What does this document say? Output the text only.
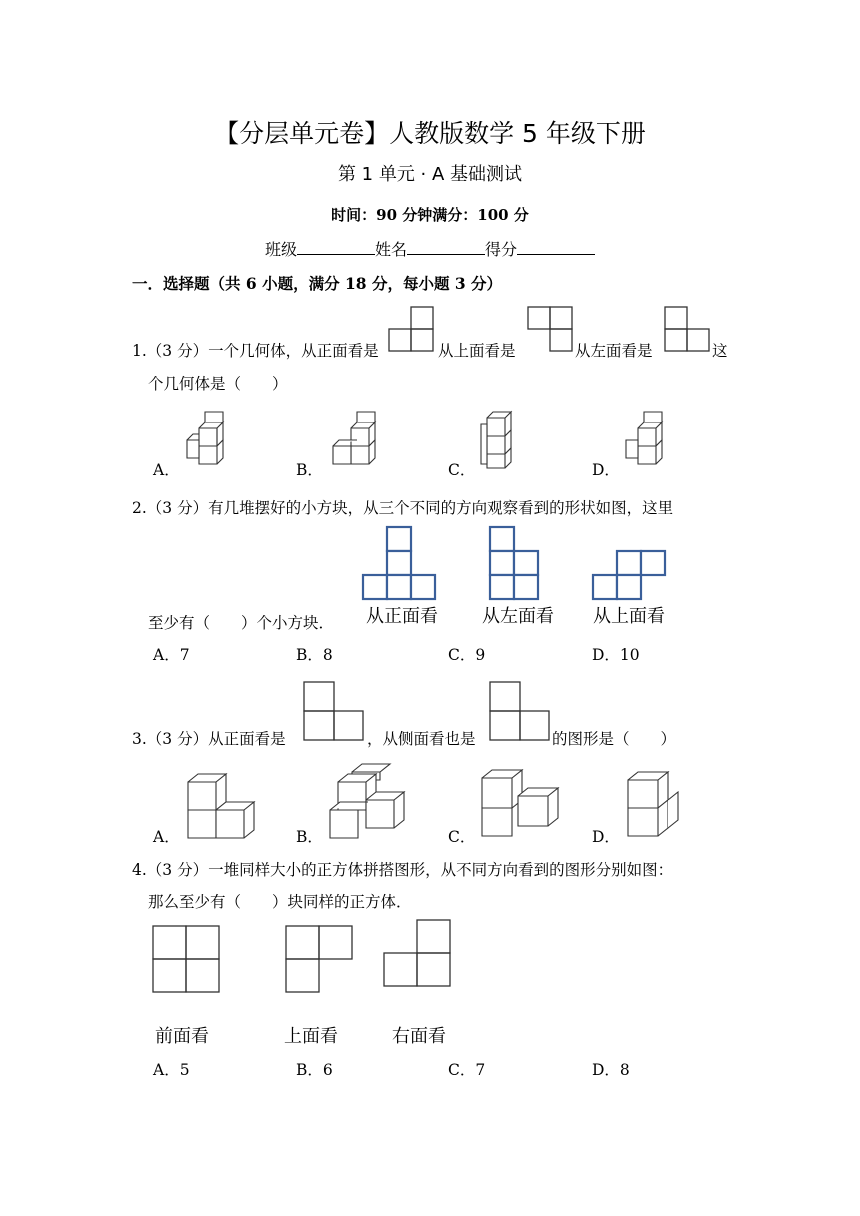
【分层单元卷】人教版数学 5 年级下册
第 1 单元 · A 基础测试
时间：90 分钟满分：100 分
班级	姓名	得分
一．选择题（共 6 小题，满分 18 分，每小题 3 分）
1.（3 分）一个几何体，从正面看是	从上面看是	从左面看是	这
个几何体是（　　）
A．	B．	C．	D．
2.（3 分）有几堆摆好的小方块，从三个不同的方向观察看到的形状如图，这里
从正面看 从左面看 从上面看
至少有（　　）个小方块．
A．7	B．8	C．9	D．10
3.（3 分）从正面看是	，从侧面看也是	的图形是（　　）
A．	B．	C．	D．
4.（3 分）一堆同样大小的正方体拼搭图形，从不同方向看到的图形分别如图：
那么至少有（　　）块同样的正方体．
前面看	上面看	右面看
A．5	B．6	C．7	D．8
